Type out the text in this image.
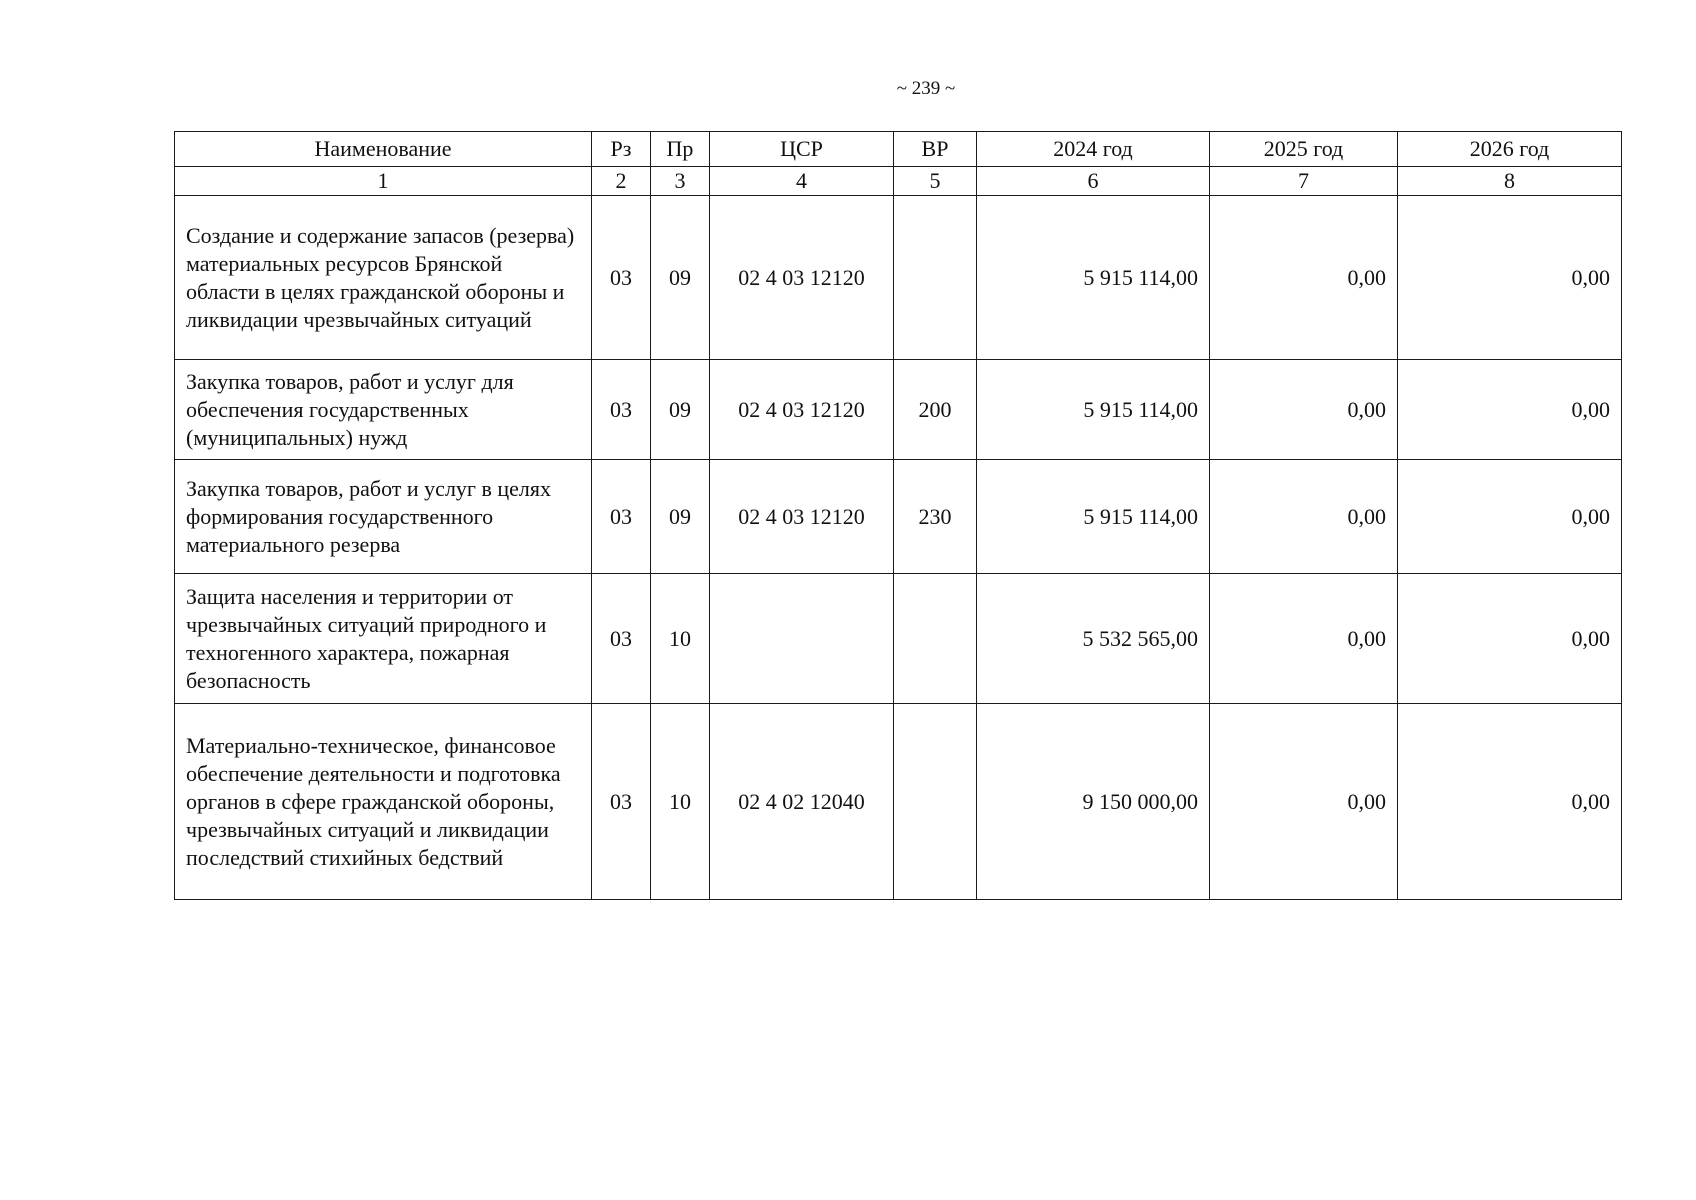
~ 239 ~
Наименование	Рз	Пр	ЦСР	ВР	2024 год	2025 год	2026 год
1	2	3	4	5	6	7	8
Создание и содержание запасов (резерва) материальных ресурсов Брянской области в целях гражданской обороны и ликвидации чрезвычайных ситуаций	03	09	02 4 03 12120		5 915 114,00	0,00	0,00
Закупка товаров, работ и услуг для обеспечения государственных (муниципальных) нужд	03	09	02 4 03 12120	200	5 915 114,00	0,00	0,00
Закупка товаров, работ и услуг в целях формирования государственного материального резерва	03	09	02 4 03 12120	230	5 915 114,00	0,00	0,00
Защита населения и территории от чрезвычайных ситуаций природного и техногенного характера, пожарная безопасность	03	10			5 532 565,00	0,00	0,00
Материально-техническое, финансовое обеспечение деятельности и подготовка органов в сфере гражданской обороны, чрезвычайных ситуаций и ликвидации последствий стихийных бедствий	03	10	02 4 02 12040		9 150 000,00	0,00	0,00
